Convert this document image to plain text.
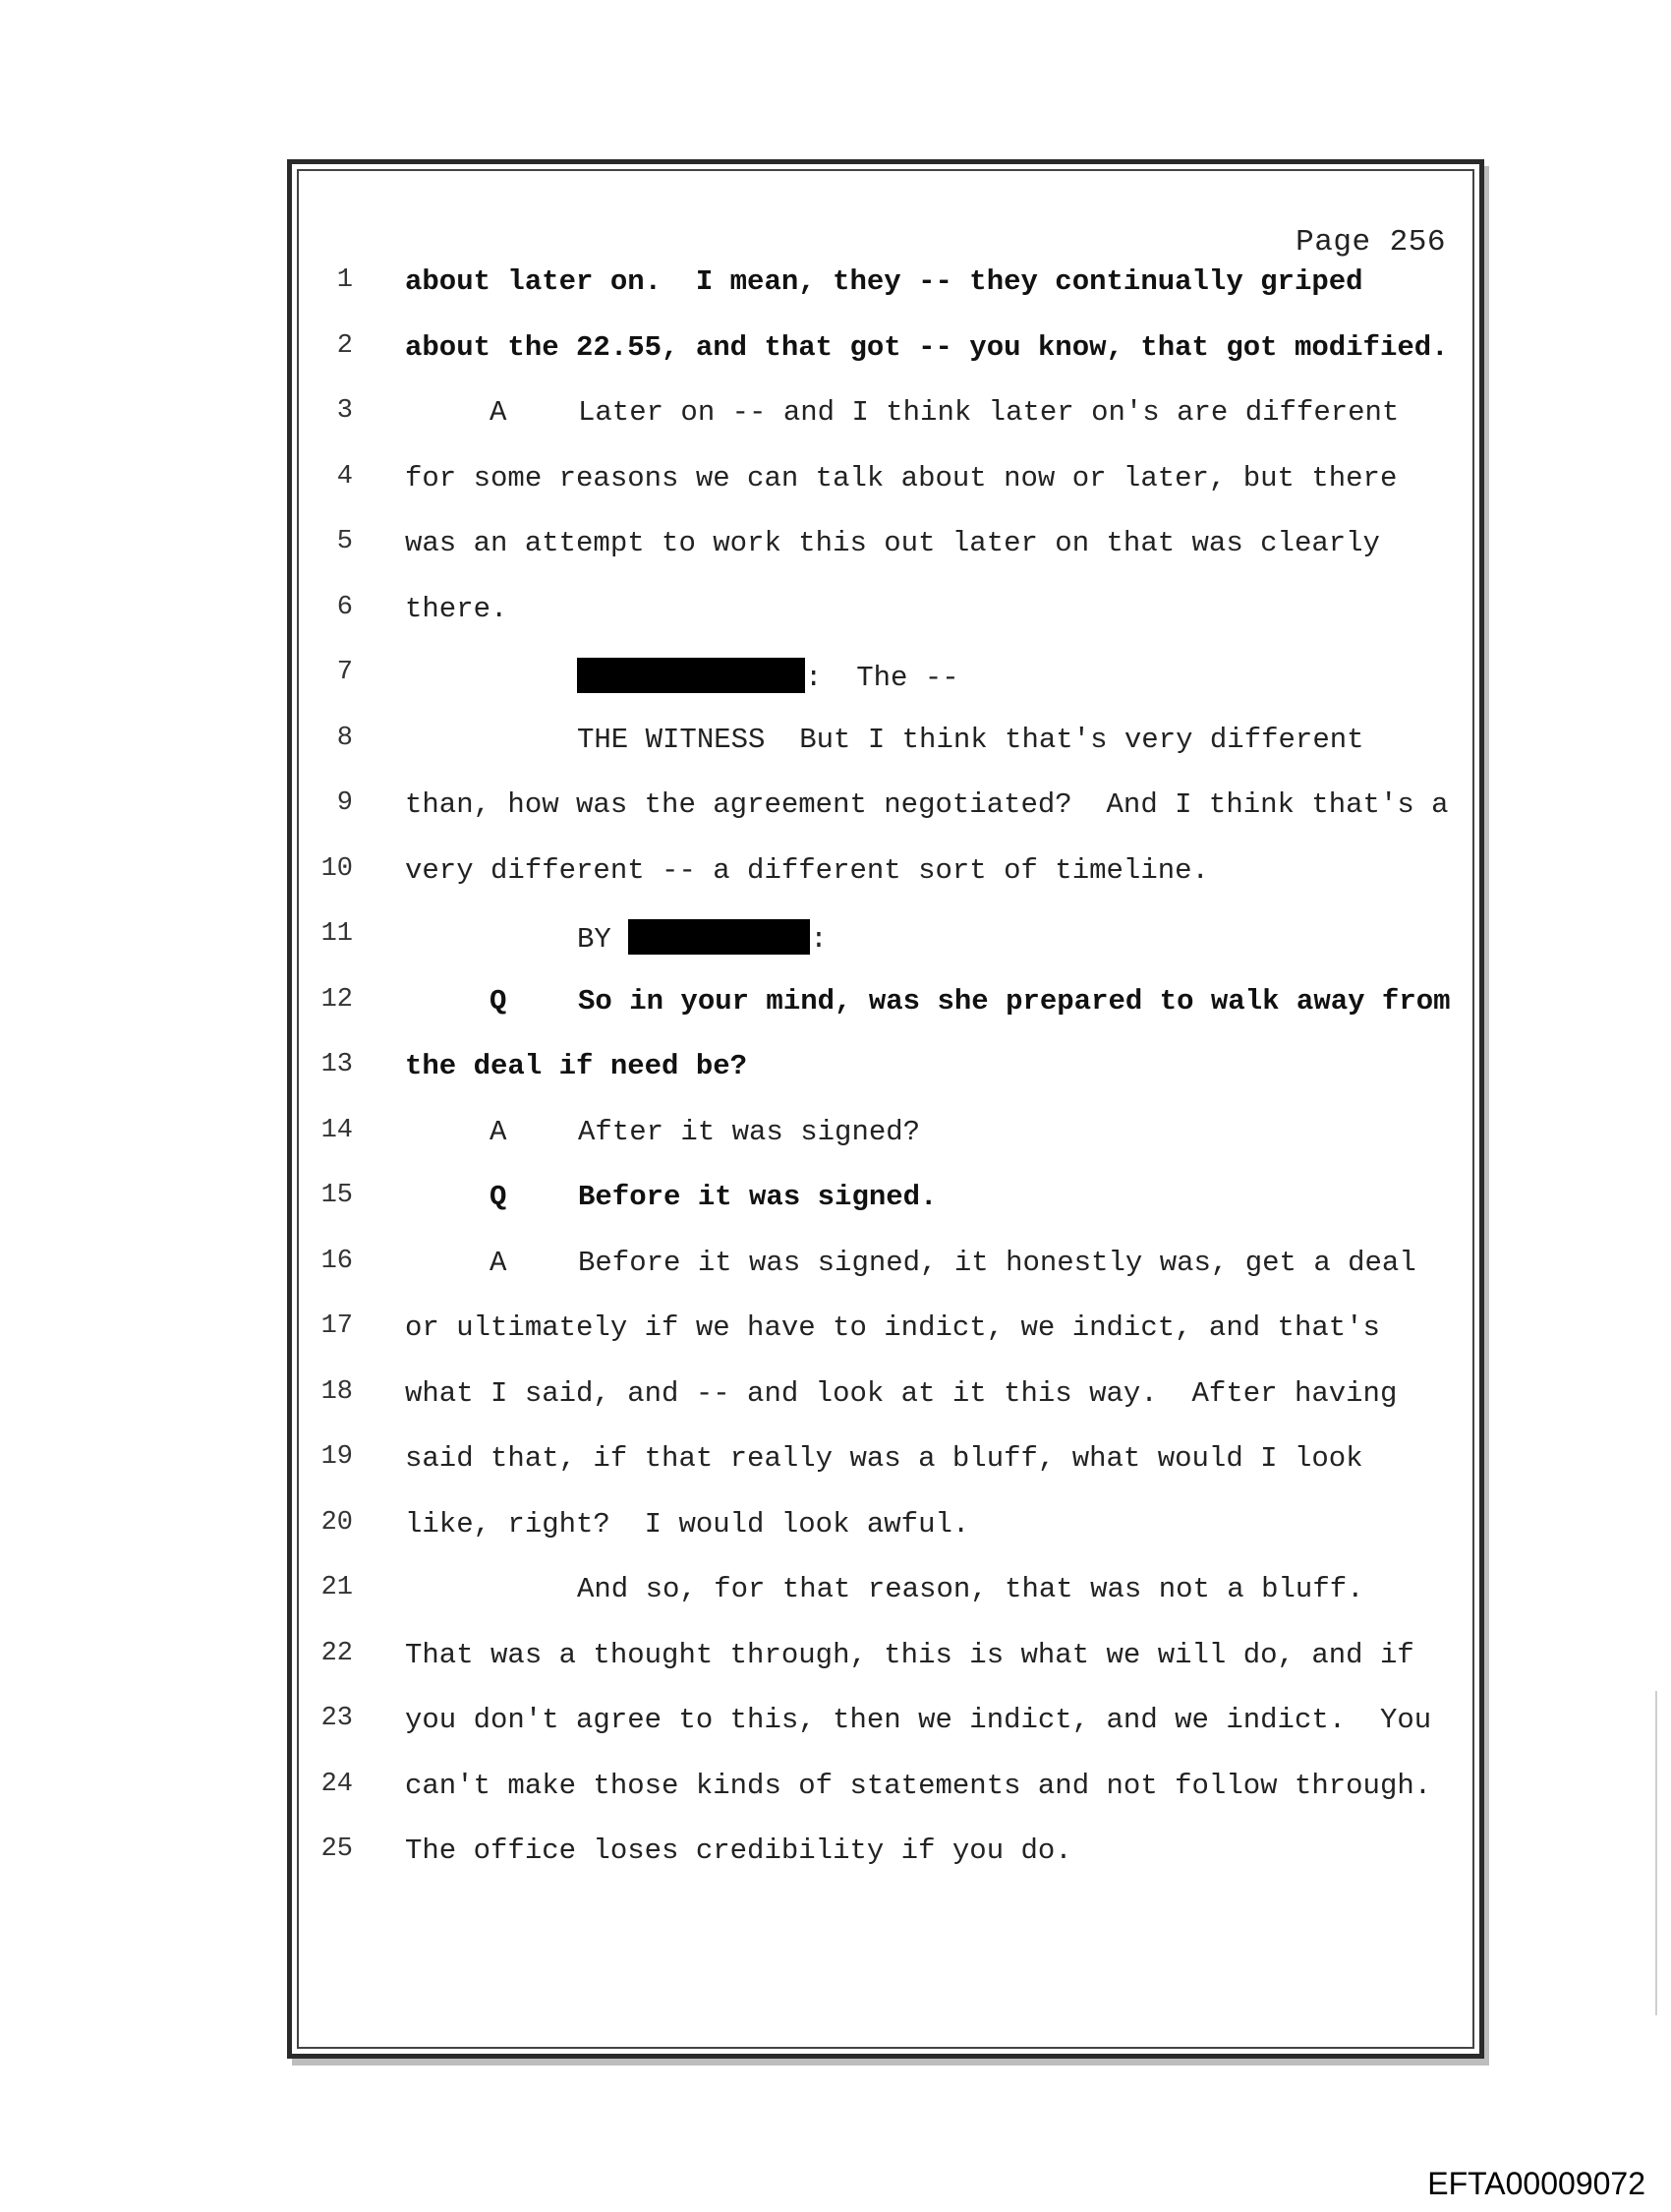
Page 256
1 about later on.  I mean, they -- they continually griped
2 about the 22.55, and that got -- you know, that got modified.
3	A	Later on -- and I think later on's are different
4 for some reasons we can talk about now or later, but there
5 was an attempt to work this out later on that was clearly
6 there.
7	:  The --
8	THE WITNESS  But I think that's very different
9 than, how was the agreement negotiated?  And I think that's a
10 very different -- a different sort of timeline.
11	BY	:
12	Q	So in your mind, was she prepared to walk away from
13 the deal if need be?
14	A	After it was signed?
15	Q	Before it was signed.
16	A	Before it was signed, it honestly was, get a deal
17 or ultimately if we have to indict, we indict, and that's
18 what I said, and -- and look at it this way.  After having
19 said that, if that really was a bluff, what would I look
20 like, right?  I would look awful.
21	And so, for that reason, that was not a bluff.
22 That was a thought through, this is what we will do, and if
23 you don't agree to this, then we indict, and we indict.  You
24 can't make those kinds of statements and not follow through.
25 The office loses credibility if you do.
EFTA00009072
